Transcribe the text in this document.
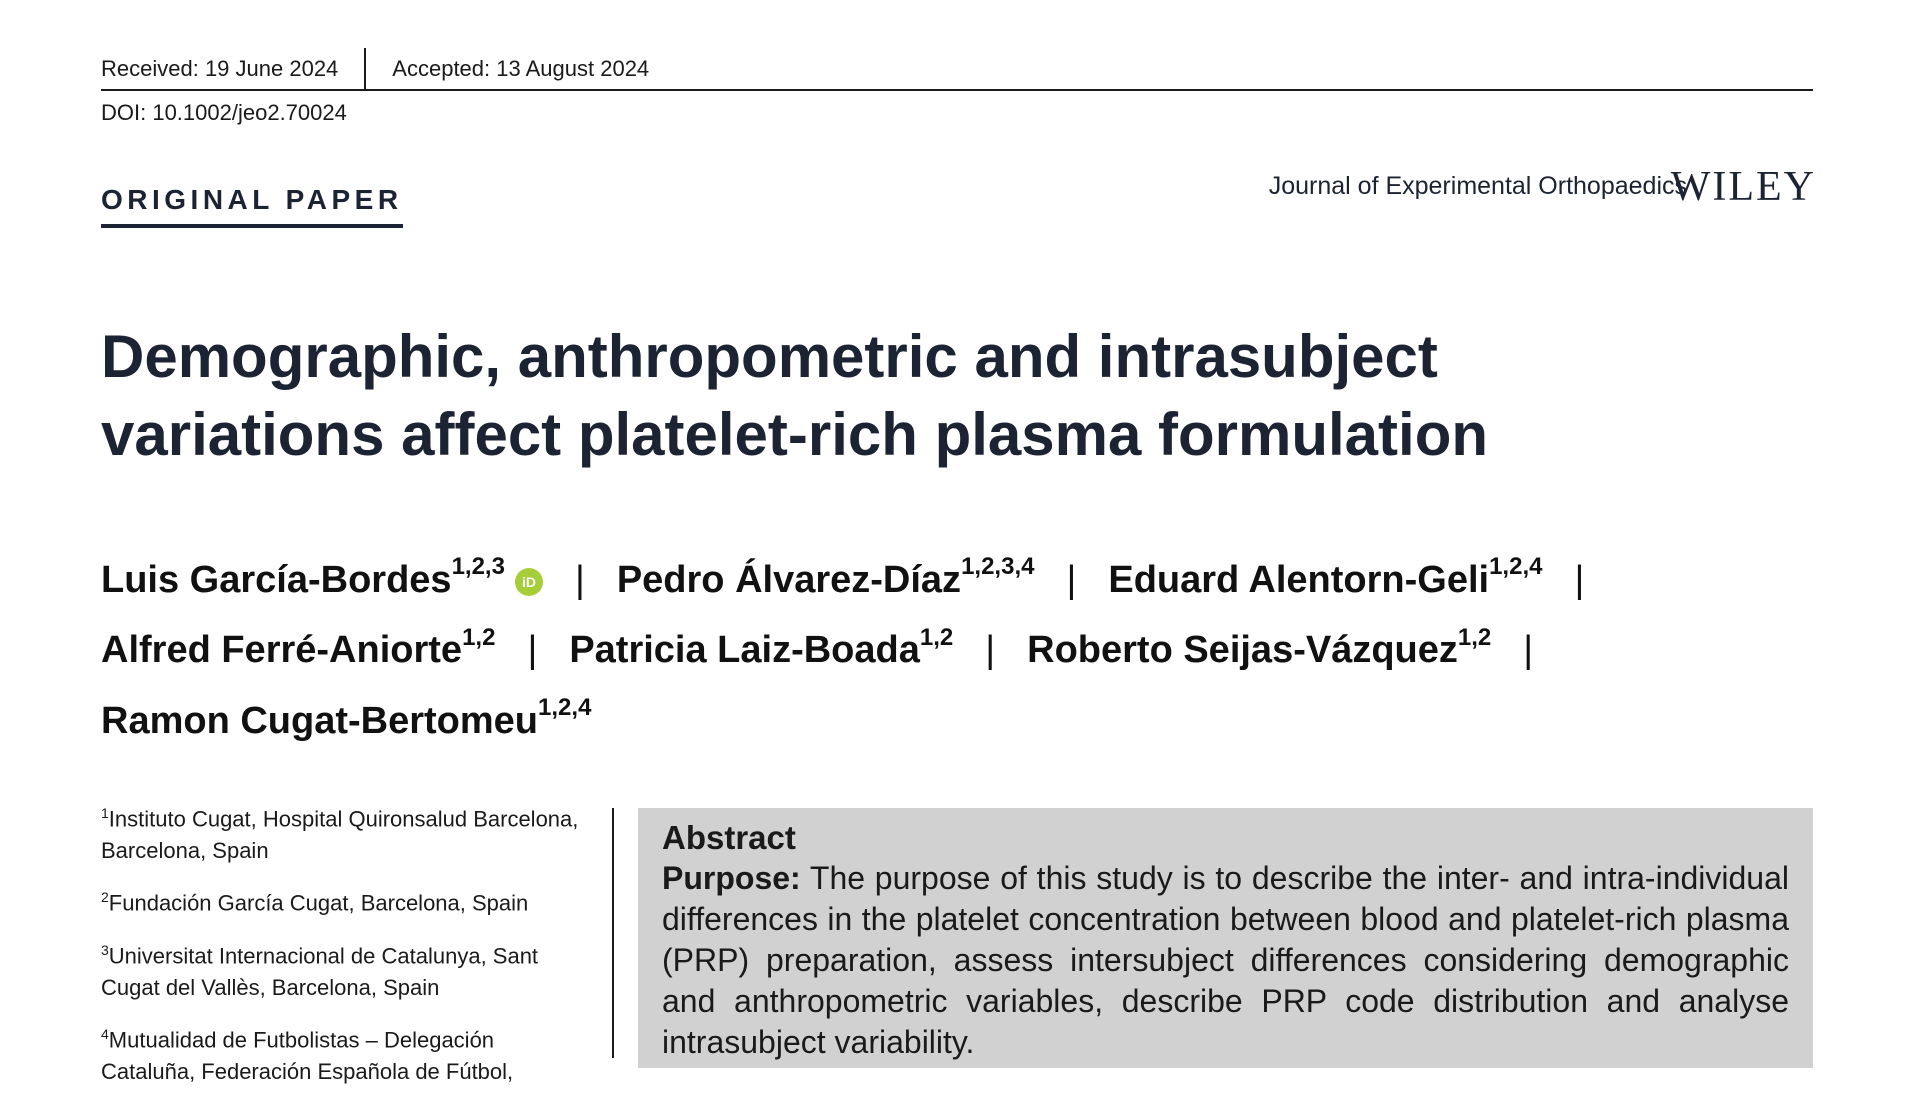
Received: 19 June 2024	Accepted: 13 August 2024
DOI: 10.1002/jeo2.70024
ORIGINAL PAPER	Journal of Experimental Orthopaedics
WILEY
Demographic, anthropometric and intrasubject variations affect platelet-rich plasma formulation
Luis García-Bordes$^{1,2,3}$iD | Pedro Álvarez-Díaz$^{1,2,3,4}$ | Eduard Alentorn-Geli$^{1,2,4}$ |
Alfred Ferré-Aniorte$^{1,2}$ | Patricia Laiz-Boada$^{1,2}$ | Roberto Seijas-Vázquez$^{1,2}$ |
Ramon Cugat-Bertomeu$^{1,2,4}$
$^1$Instituto Cugat, Hospital Quironsalud Barcelona, Barcelona, Spain
$^2$Fundación García Cugat, Barcelona, Spain
$^3$Universitat Internacional de Catalunya, Sant Cugat del Vallès, Barcelona, Spain
$^4$Mutualidad de Futbolistas – Delegación Cataluña, Federación Española de Fútbol,
Abstract
Purpose: The purpose of this study is to describe the inter- and intra-individual differences in the platelet concentration between blood and platelet-rich plasma (PRP) preparation, assess intersubject differences considering demographic and anthropometric variables, describe PRP code distribution and analyse intrasubject variability.
